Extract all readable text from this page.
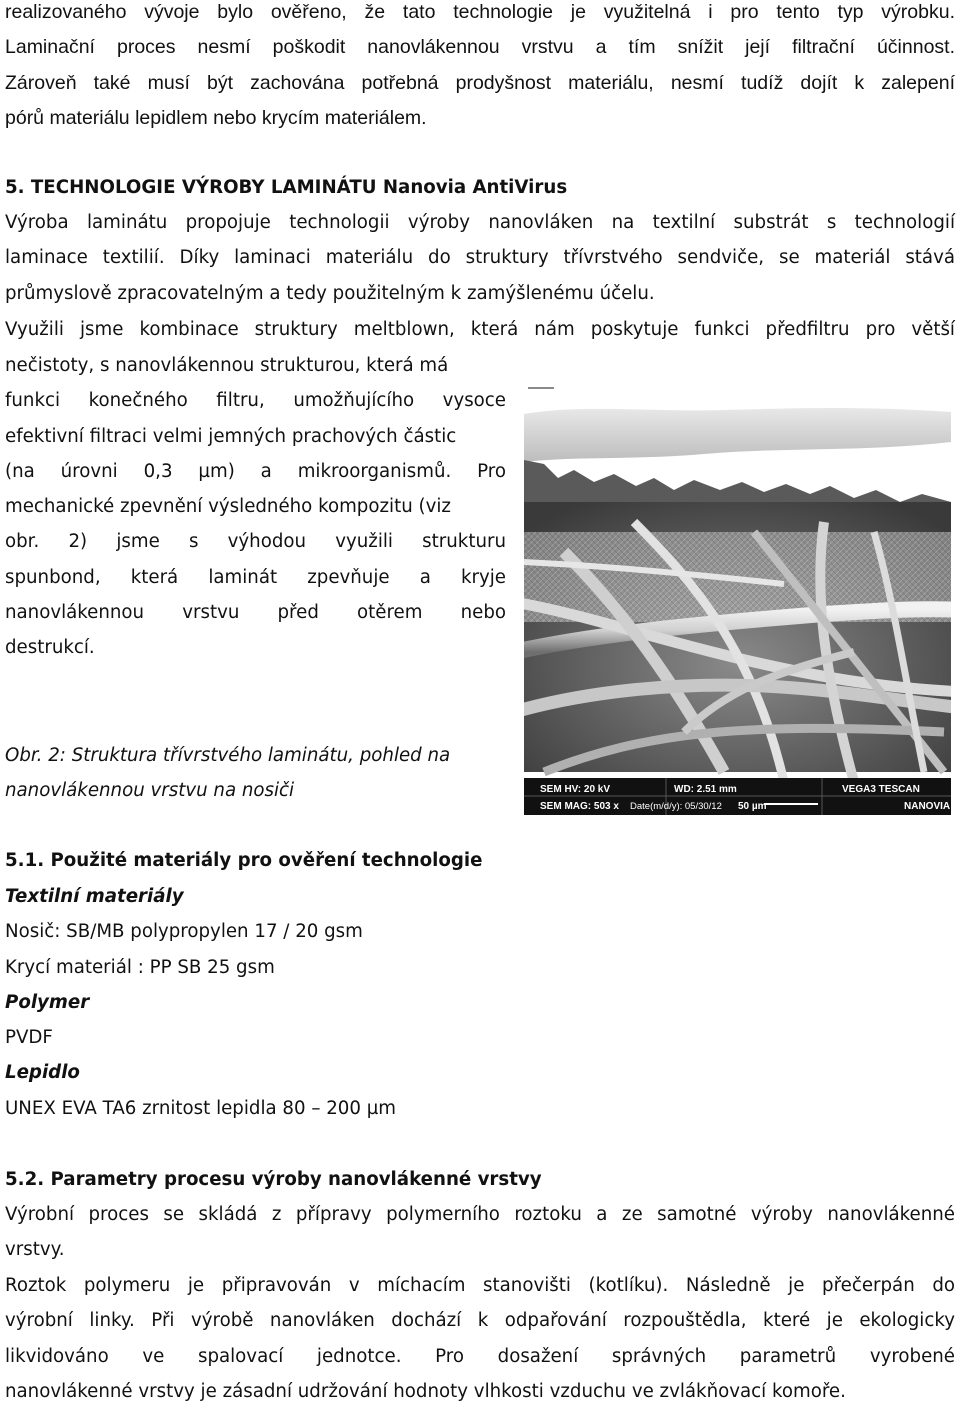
realizovaného vývoje bylo ověřeno, že tato technologie je využitelná i pro tento typ výrobku.
Laminační proces nesmí poškodit nanovlákennou vrstvu a tím snížit její filtrační účinnost.
Zároveň také musí být zachována potřebná prodyšnost materiálu, nesmí tudíž dojít k zalepení
pórů materiálu lepidlem nebo krycím materiálem.
5. TECHNOLOGIE VÝROBY LAMINÁTU Nanovia AntiVirus
Výroba laminátu propojuje technologii výroby nanovláken na textilní substrát s technologií
laminace textilií. Díky laminaci materiálu do struktury třívrstvého sendviče, se materiál stává
průmyslově zpracovatelným a tedy použitelným k zamýšlenému účelu.
Využili jsme kombinace struktury meltblown, která nám poskytuje funkci předfiltru pro větší
nečistoty, s nanovlákennou strukturou, která má
funkci konečného filtru, umožňujícího vysoce
efektivní filtraci velmi jemných prachových částic
(na úrovni 0,3 µm) a mikroorganismů. Pro
mechanické zpevnění výsledného kompozitu (viz
obr. 2) jsme s výhodou využili strukturu
spunbond, která laminát zpevňuje a kryje
nanovlákennou vrstvu před otěrem nebo
destrukcí.
Obr. 2: Struktura třívrstvého laminátu, pohled na
nanovlákennou vrstvu na nosiči	SEM HV: 20 kV	WD: 2.51 mm	VEGA3 TESCAN
SEM MAG: 503 x Date(m/d/y): 05/30/12 50 µm	NANOVIA
5.1. Použité materiály pro ověření technologie
Textilní materiály
Nosič: SB/MB polypropylen 17 / 20 gsm
Krycí materiál : PP SB 25 gsm
Polymer
PVDF
Lepidlo
UNEX EVA TA6 zrnitost lepidla 80 – 200 µm
5.2. Parametry procesu výroby nanovlákenné vrstvy
Výrobní proces se skládá z přípravy polymerního roztoku a ze samotné výroby nanovlákenné
vrstvy.
Roztok polymeru je připravován v míchacím stanovišti (kotlíku). Následně je přečerpán do
výrobní linky. Při výrobě nanovláken dochází k odpařování rozpouštědla, které je ekologicky
likvidováno ve spalovací jednotce. Pro dosažení správných parametrů vyrobené
nanovlákenné vrstvy je zásadní udržování hodnoty vlhkosti vzduchu ve zvlákňovací komoře.
